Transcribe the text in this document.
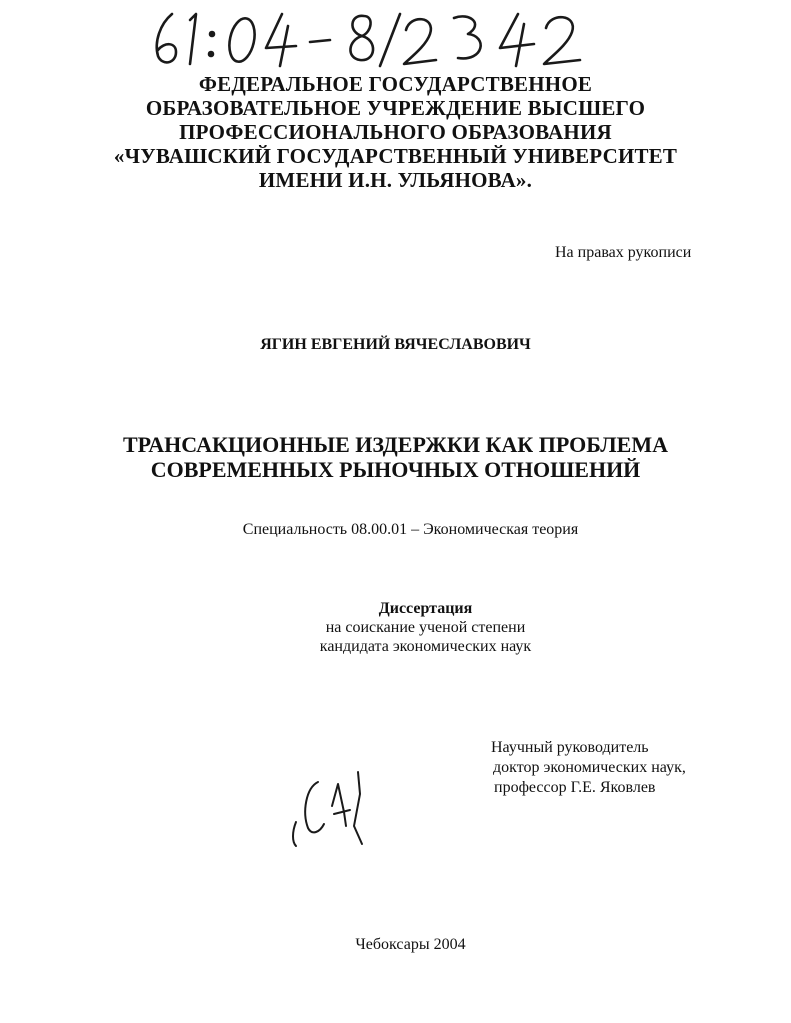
ФЕДЕРАЛЬНОЕ ГОСУДАРСТВЕННОЕ
ОБРАЗОВАТЕЛЬНОЕ УЧРЕЖДЕНИЕ ВЫСШЕГО
ПРОФЕССИОНАЛЬНОГО ОБРАЗОВАНИЯ
«ЧУВАШСКИЙ ГОСУДАРСТВЕННЫЙ УНИВЕРСИТЕТ
ИМЕНИ И.Н. УЛЬЯНОВА».
На правах рукописи
ЯГИН ЕВГЕНИЙ ВЯЧЕСЛАВОВИЧ
ТРАНСАКЦИОННЫЕ ИЗДЕРЖКИ КАК ПРОБЛЕМА
СОВРЕМЕННЫХ РЫНОЧНЫХ ОТНОШЕНИЙ
Специальность 08.00.01 – Экономическая теория
Диссертация
на соискание ученой степени
кандидата экономических наук
Научный руководитель
доктор экономических наук,
профессор Г.Е. Яковлев
Чебоксары 2004
